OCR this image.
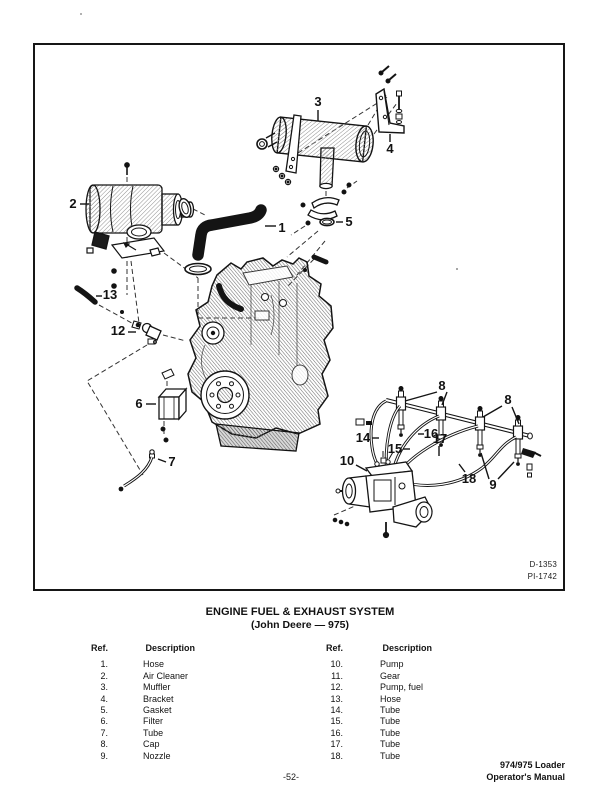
1
2
3
4
5
6
7
8
8
9
10
12
13
14
15
16
17
18
D-1353
PI-1742
ENGINE FUEL & EXHAUST SYSTEM
(John Deere — 975)
Ref.	Description
1.	Hose
2.	Air Cleaner
3.	Muffler
4.	Bracket
5.	Gasket
6.	Filter
7.	Tube
8.	Cap
9.	Nozzle
Ref.	Description
10.	Pump
11.	Gear
12.	Pump, fuel
13.	Hose
14.	Tube
15.	Tube
16.	Tube
17.	Tube
18.	Tube
-52-
974/975 Loader
Operator's Manual
